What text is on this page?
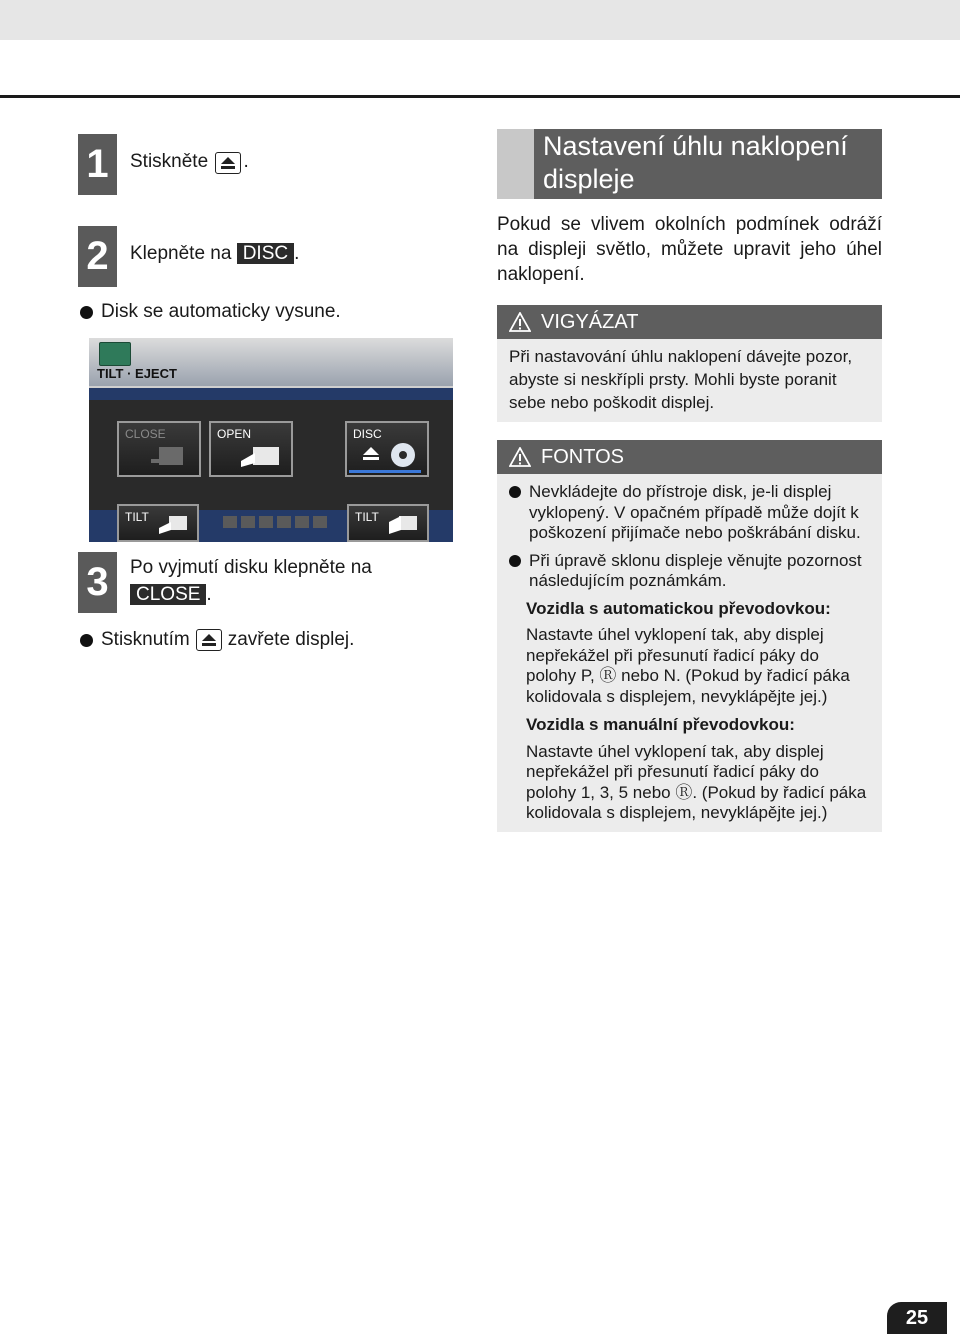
1	Stiskněte .
2	Klepněte na DISC .
Disk se automaticky vysune.
TILT · EJECT
CLOSE	OPEN	DISC
TILT	TILT
3	Po vyjmutí disku klepněte na
CLOSE .
Stisknutím zavřete displej.
Nastavení úhlu naklopení displeje
Pokud se vlivem okolních podmínek odráží na displeji světlo, můžete upravit jeho úhel naklopení.
VIGYÁZAT
Při nastavování úhlu naklopení dávejte pozor, abyste si neskřípli prsty. Mohli byste poranit sebe nebo poškodit displej.
FONTOS
Nevkládejte do přístroje disk, je-li displej vyklopený. V opačném případě může dojít k poškození přijímače nebo poškrábání disku.
Při úpravě sklonu displeje věnujte pozornost následujícím poznámkám.
Vozidla s automatickou převodovkou:
Nastavte úhel vyklopení tak, aby displej nepřekážel při přesunutí řadicí páky do polohy P, Ⓡ nebo N. (Pokud by řadicí páka kolidovala s displejem, nevyklápějte jej.)
Vozidla s manuální převodovkou:
Nastavte úhel vyklopení tak, aby displej nepřekážel při přesunutí řadicí páky do polohy 1, 3, 5 nebo Ⓡ. (Pokud by řadicí páka kolidovala s displejem, nevyklápějte jej.)
25
